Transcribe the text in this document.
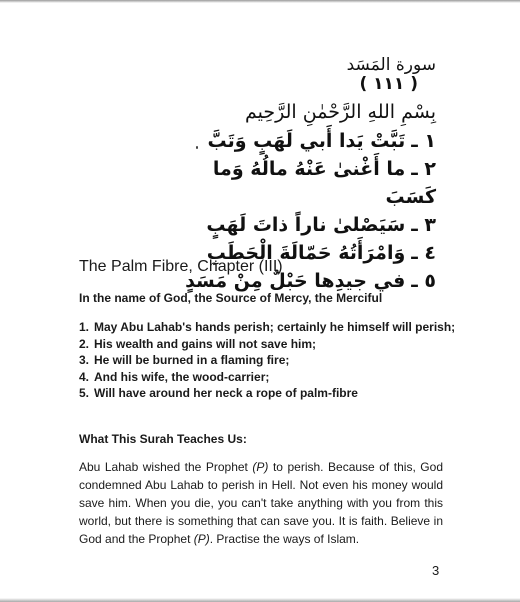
سورة المَسَد
( ١١١ )
بِسْمِ اللهِ الرَّحْمٰنِ الرَّحِيم
١ ـتَبَّتْ يَدا أَبي لَهَبٍ وَتَبَّ
٢ ـما أَغْنىٰ عَنْهُ مالُهُ وَما كَسَبَ
٣ ـسَيَصْلىٰ ناراً ذاتَ لَهَبٍ
٤ ـوَامْرَأَتُهُ حَمّالَةَ الْحَطَبِ
٥ ـفي جيدِها حَبْلٌ مِنْ مَسَدٍ
The Palm Fibre, Chapter (III)
In the name of God, the Source of Mercy, the Merciful
1. May Abu Lahab's hands perish; certainly he himself will perish;
2. His wealth and gains will not save him;
3. He will be burned in a flaming fire;
4. And his wife, the wood-carrier;
5. Will have around her neck a rope of palm-fibre
What This Surah Teaches Us:
Abu Lahab wished the Prophet (P) to perish. Because of this, God condemned Abu Lahab to perish in Hell. Not even his money would save him. When you die, you can't take anything with you from this world, but there is something that can save you. It is faith. Believe in God and the Prophet (P). Practise the ways of Islam.
3
